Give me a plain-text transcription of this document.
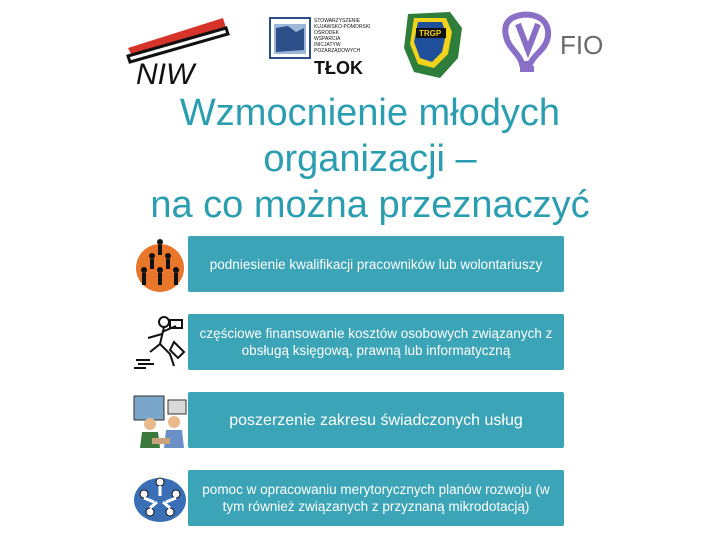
NIW
STOWARZYSZENIE
KUJAWSKO-POMORSKI
OŚRODEK
WSPARCIA
INICJATYW
POZARZĄDOWYCH
TŁOK
TRGP	FIO
Wzmocnienie młodych
organizacji –
na co można przeznaczyć
podniesienie kwalifikacji pracowników lub wolontariuszy
częściowe finansowanie kosztów osobowych związanych z obsługą księgową, prawną lub informatyczną
poszerzenie zakresu świadczonych usług
pomoc w opracowaniu merytorycznych planów rozwoju (w tym również związanych z przyznaną mikrodotacją)
